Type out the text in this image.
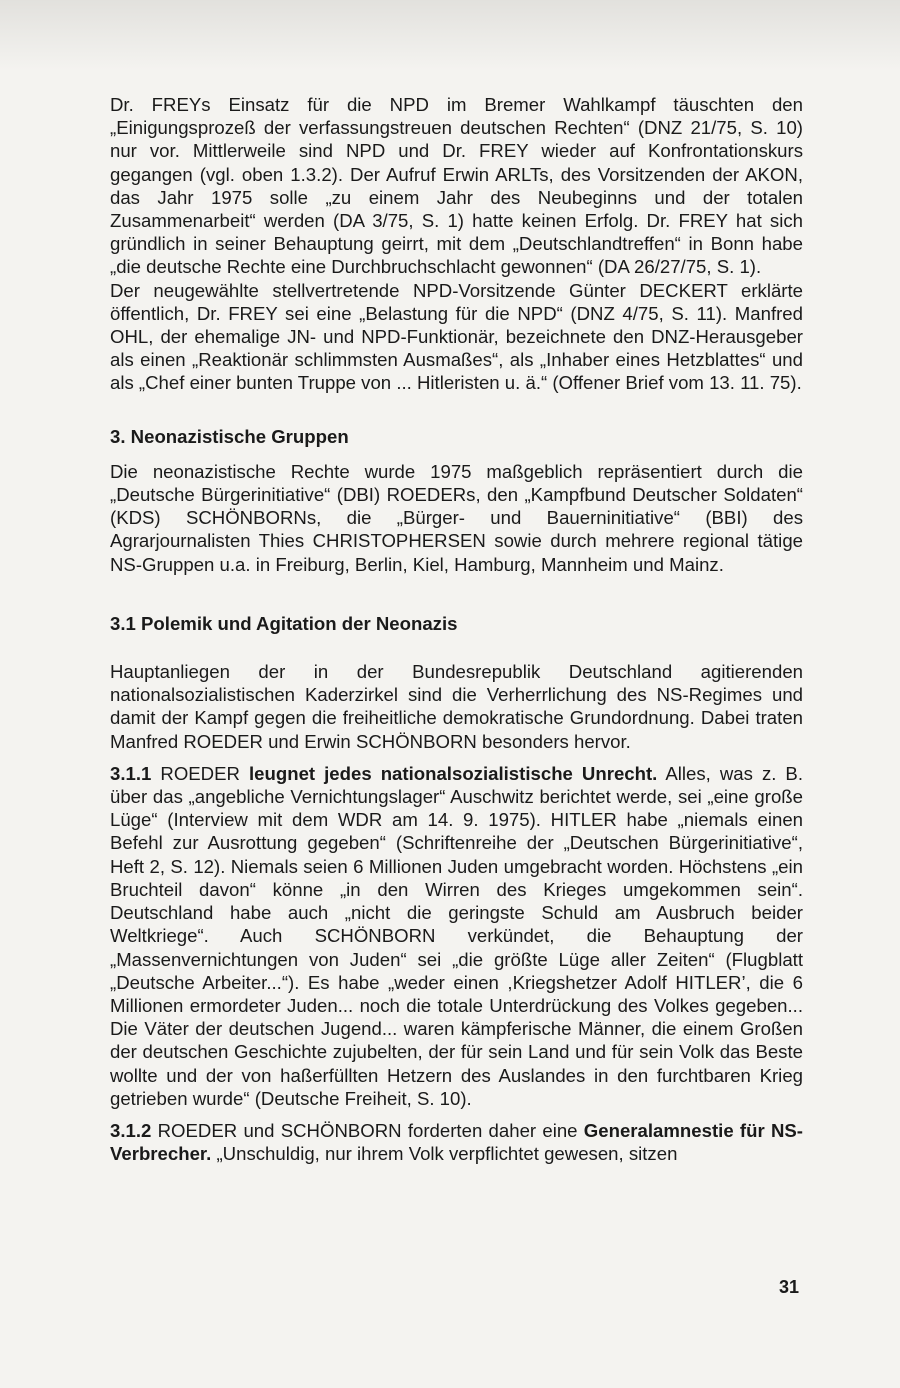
Dr. FREYs Einsatz für die NPD im Bremer Wahlkampf täuschten den „Einigungsprozeß der verfassungstreuen deutschen Rechten“ (DNZ 21/75, S. 10) nur vor. Mittlerweile sind NPD und Dr. FREY wieder auf Konfrontationskurs gegangen (vgl. oben 1.3.2). Der Aufruf Erwin ARLTs, des Vorsitzenden der AKON, das Jahr 1975 solle „zu einem Jahr des Neubeginns und der totalen Zusammenarbeit“ werden (DA 3/75, S. 1) hatte keinen Erfolg. Dr. FREY hat sich gründlich in seiner Behauptung geirrt, mit dem „Deutschlandtreffen“ in Bonn habe „die deutsche Rechte eine Durchbruchschlacht gewonnen“ (DA 26/27/75, S. 1).

Der neugewählte stellvertretende NPD-Vorsitzende Günter DECKERT erklärte öffentlich, Dr. FREY sei eine „Belastung für die NPD“ (DNZ 4/75, S. 11). Manfred OHL, der ehemalige JN- und NPD-Funktionär, bezeichnete den DNZ-Herausgeber als einen „Reaktionär schlimmsten Ausmaßes“, als „Inhaber eines Hetzblattes“ und als „Chef einer bunten Truppe von ... Hitleristen u. ä.“ (Offener Brief vom 13. 11. 75).

3. Neonazistische Gruppen

Die neonazistische Rechte wurde 1975 maßgeblich repräsentiert durch die „Deutsche Bürgerinitiative“ (DBI) ROEDERs, den „Kampfbund Deutscher Soldaten“ (KDS) SCHÖNBORNs, die „Bürger- und Bauerninitiative“ (BBI) des Agrarjournalisten Thies CHRISTOPHERSEN sowie durch mehrere regional tätige NS-Gruppen u.a. in Freiburg, Berlin, Kiel, Hamburg, Mannheim und Mainz.

3.1 Polemik und Agitation der Neonazis

Hauptanliegen der in der Bundesrepublik Deutschland agitierenden nationalsozialistischen Kaderzirkel sind die Verherrlichung des NS-Regimes und damit der Kampf gegen die freiheitliche demokratische Grundordnung. Dabei traten Manfred ROEDER und Erwin SCHÖNBORN besonders hervor.

3.1.1 ROEDER leugnet jedes nationalsozialistische Unrecht. Alles, was z. B. über das „angebliche Vernichtungslager“ Auschwitz berichtet werde, sei „eine große Lüge“ (Interview mit dem WDR am 14. 9. 1975). HITLER habe „niemals einen Befehl zur Ausrottung gegeben“ (Schriftenreihe der „Deutschen Bürgerinitiative“, Heft 2, S. 12). Niemals seien 6 Millionen Juden umgebracht worden. Höchstens „ein Bruchteil davon“ könne „in den Wirren des Krieges umgekommen sein“. Deutschland habe auch „nicht die geringste Schuld am Ausbruch beider Weltkriege“. Auch SCHÖNBORN verkündet, die Behauptung der „Massenvernichtungen von Juden“ sei „die größte Lüge aller Zeiten“ (Flugblatt „Deutsche Arbeiter...“). Es habe „weder einen ,Kriegshetzer Adolf HITLER’, die 6 Millionen ermordeter Juden... noch die totale Unterdrückung des Volkes gegeben... Die Väter der deutschen Jugend... waren kämpferische Männer, die einem Großen der deutschen Geschichte zujubelten, der für sein Land und für sein Volk das Beste wollte und der von haßerfüllten Hetzern des Auslandes in den furchtbaren Krieg getrieben wurde“ (Deutsche Freiheit, S. 10).

3.1.2 ROEDER und SCHÖNBORN forderten daher eine Generalamnestie für NS-Verbrecher. „Unschuldig, nur ihrem Volk verpflichtet gewesen, sitzen

31
